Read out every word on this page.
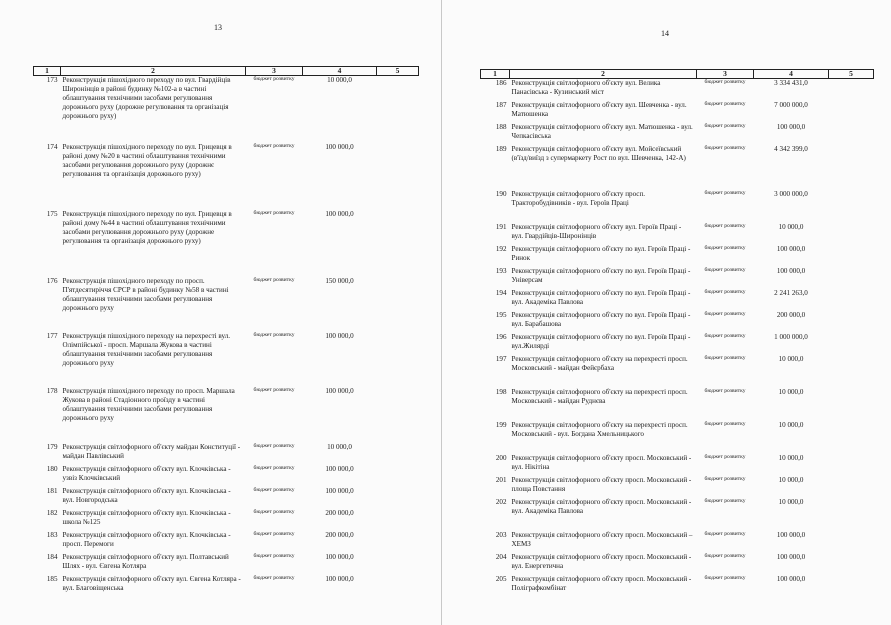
13
1	2	3	4	5
173	Реконструкція пішохідного переходу по вул. Гвардійців Широнінців в районі будинку №102-а в частині облаштування технічними засобами регулювання дорожнього руху (дорожне регулювання та організація дорожнього руху)	бюджет розвитку	10 000,0	
174	Реконструкція пішохідного переходу по вул. Грицевця в районі дому №20 в частині облаштування технічними засобами регулювання дорожнього руху (дорожнє регулювання та організація дорожнього руху)	бюджет розвитку	100 000,0	
175	Реконструкція пішохідного переходу по вул. Грицевця в районі дому №44 в частині облаштування технічними засобами регулювання дорожнього руху (дорожне регулювання та організація дорожнього руху)	бюджет розвитку	100 000,0	
176	Реконструкція пішохідного переходу по просп. П'ятдесятиріччя СРСР в районі будинку №58 в частині облаштування технічними засобами регулювання дорожнього руху	бюджет розвитку	150 000,0	
177	Реконструкція пішохідного переходу на перехресті вул. Олімпійської - просп. Маршала Жукова в частині облаштування технічними засобами регулювання дорожнього руху	бюджет розвитку	100 000,0	
178	Реконструкція пішохідного переходу по просп. Маршала Жукова в районі Стадіонного проїзду в частині облаштування технічними засобами регулювання дорожнього руху	бюджет розвитку	100 000,0	
179	Реконструкція світлофорного об'єкту майдан Конституції - майдан Павлівський	бюджет розвитку	10 000,0	
180	Реконструкція світлофорного об'єкту вул. Клочківська - узвіз Клочківський	бюджет розвитку	100 000,0	
181	Реконструкція світлофорного об'єкту вул. Клочківська - вул. Новгородська	бюджет розвитку	100 000,0	
182	Реконструкція світлофорного об'єкту вул. Клочківська - школа №125	бюджет розвитку	200 000,0	
183	Реконструкція світлофорного об'єкту вул. Клочківська - просп. Перемоги	бюджет розвитку	200 000,0	
184	Реконструкція світлофорного об'єкту вул. Полтавський Шлях - вул. Євгена Котляра	бюджет розвитку	100 000,0	
185	Реконструкція світлофорного об'єкту вул. Євгена Котляра - вул. Благовіщенська	бюджет розвитку	100 000,0	
14
1	2	3	4	5
186	Реконструкція світлофорного об'єкту вул. Велика Панасівська - Кузинський міст	бюджет розвитку	3 334 431,0	
187	Реконструкція світлофорного об'єкту вул. Шевченка - вул. Матюшенка	бюджет розвитку	7 000 000,0	
188	Реконструкція світлофорного об'єкту вул. Матюшенка - вул. Чепкасівська	бюджет розвитку	100 000,0	
189	Реконструкція світлофорного об'єкту вул. Мойсеївський (в'їзд/виїзд з супермаркету Рост по вул. Шевченка, 142-А)	бюджет розвитку	4 342 399,0	
190	Реконструкція світлофорного об'єкту просп. Тракторобудівників - вул. Героїв Праці	бюджет розвитку	3 000 000,0	
191	Реконструкція світлофорного об'єкту вул. Героїв Праці - вул. Гвардійців-Широнінців	бюджет розвитку	10 000,0	
192	Реконструкція світлофорного об'єкту по вул. Героїв Праці - Ринок	бюджет розвитку	100 000,0	
193	Реконструкція світлофорного об'єкту по вул. Героїв Праці - Універсам	бюджет розвитку	100 000,0	
194	Реконструкція світлофорного об'єкту по вул. Героїв Праці - вул. Академіка Павлова	бюджет розвитку	2 241 263,0	
195	Реконструкція світлофорного об'єкту по вул. Героїв Праці - вул. Барабашова	бюджет розвитку	200 000,0	
196	Реконструкція світлофорного об'єкту по вул. Героїв Праці - вул.Жилярді	бюджет розвитку	1 000 000,0	
197	Реконструкція світлофорного об'єкту на перехресті просп. Московський - майдан Фейєрбаха	бюджет розвитку	10 000,0	
198	Реконструкція світлофорного об'єкту на перехресті просп. Московський - майдан Руднєва	бюджет розвитку	10 000,0	
199	Реконструкція світлофорного об'єкту на перехресті просп. Московський - вул. Богдана Хмельницького	бюджет розвитку	10 000,0	
200	Реконструкція світлофорного об'єкту просп. Московський - вул. Нікітіна	бюджет розвитку	10 000,0	
201	Реконструкція світлофорного об'єкту просп. Московський - площа Повстання	бюджет розвитку	10 000,0	
202	Реконструкція світлофорного об'єкту просп. Московський - вул. Академіка Павлова	бюджет розвитку	10 000,0	
203	Реконструкція світлофорного об'єкту просп. Московський – ХЕМЗ	бюджет розвитку	100 000,0	
204	Реконструкція світлофорного об'єкту просп. Московський - вул. Енергетична	бюджет розвитку	100 000,0	
205	Реконструкція світлофорного об'єкту просп. Московський - Поліграфкомбінат	бюджет розвитку	100 000,0	
